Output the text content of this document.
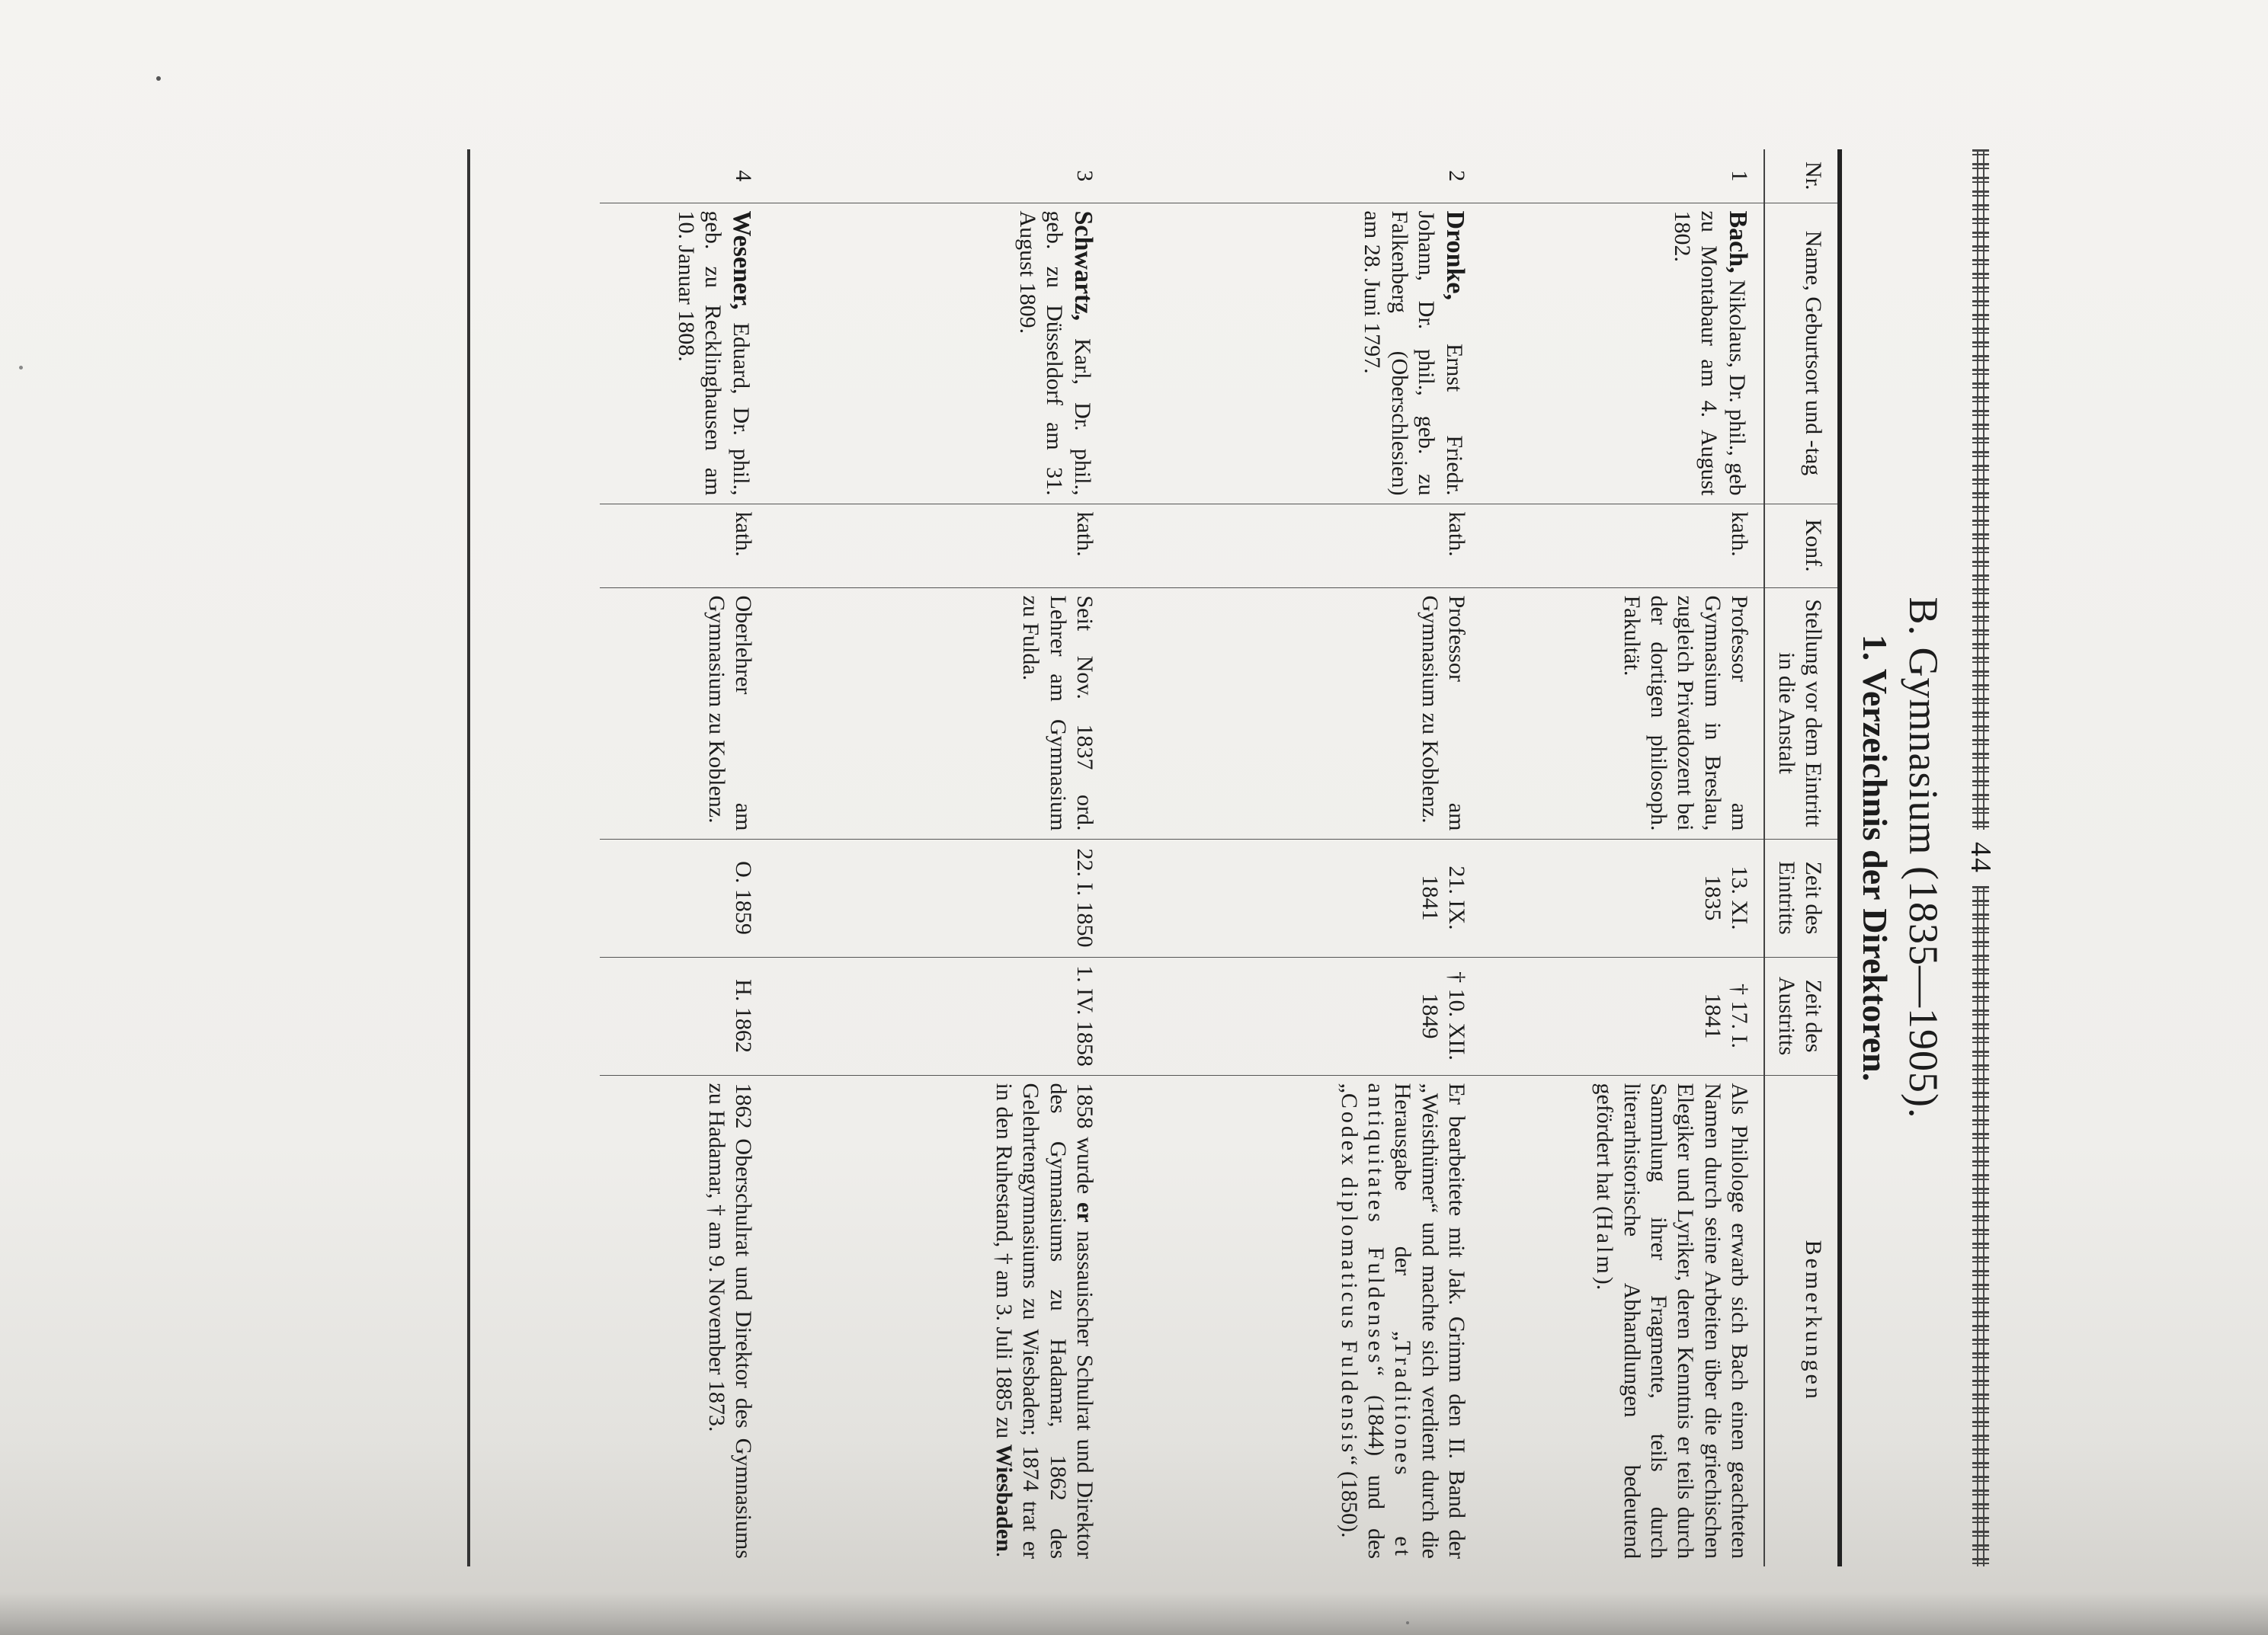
44
B. Gymnasium (1835—1905).
1. Verzeichnis der Direktoren.
Nr.	Name, Geburtsort und -tag	Konf.	Stellung vor dem Eintritt in die Anstalt	Zeit des Eintritts	Zeit des Austritts	Bemerkungen
1	Bach, Nikolaus, Dr. phil., geb zu Montabaur am 4. August 1802.	kath.	Professor am Gymnasium in Breslau, zugleich Privatdozent bei der dortigen philosoph. Fakultät.	13. XI. 1835	† 17. I. 1841	Als Philologe erwarb sich Bach einen geachteten Namen durch seine Arbeiten über die griechischen Elegiker und Lyriker, deren Kenntnis er teils durch Sammlung ihrer Fragmente, teils durch literarhistorische Abhandlungen bedeutend gefördert hat (Halm).
2	Dronke, Ernst Friedr. Johann, Dr. phil., geb. zu Falkenberg (Oberschlesien) am 28. Juni 1797.	kath.	Professor am Gymnasium zu Koblenz.	21. IX. 1841	† 10. XII. 1849	Er bearbeitete mit Jak. Grimm den II. Band der „Weisthümer“ und machte sich verdient durch die Herausgabe der „Traditiones et antiquitates Fuldenses“ (1844) und des „Codex diplomaticus Fuldensis“ (1850).
3	Schwartz, Karl, Dr. phil., geb. zu Düsseldorf am 31. August 1809.	kath.	Seit Nov. 1837 ord. Lehrer am Gymnasium zu Fulda.	22. I. 1850	1. IV. 1858	1858 wurde er nassauischer Schulrat und Direktor des Gymnasiums zu Hadamar, 1862 des Gelehrtengymnasiums zu Wiesbaden; 1874 trat er in den Ruhestand, † am 3. Juli 1885 zu Wiesbaden.
4	Wesener, Eduard, Dr. phil., geb. zu Recklinghausen am 10. Januar 1808.	kath.	Oberlehrer am Gymnasium zu Koblenz.	O. 1859	H. 1862	1862 Oberschulrat und Direktor des Gymnasiums zu Hadamar, † am 9. November 1873.
